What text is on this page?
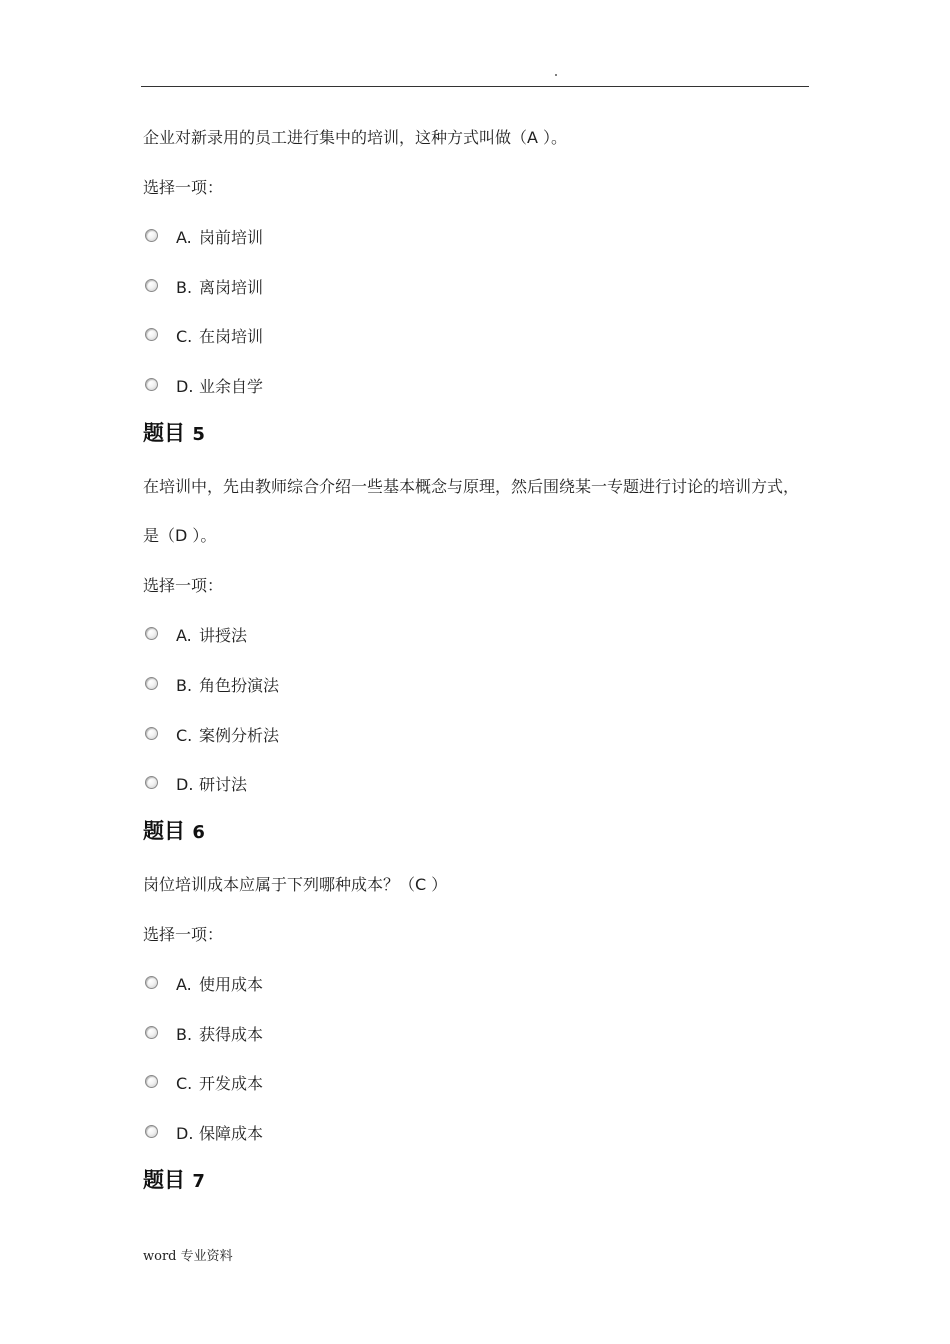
企业对新录用的员工进行集中的培训，这种方式叫做（A ）。
选择一项：
A. 岗前培训
B. 离岗培训
C. 在岗培训
D. 业余自学
题目 5
在培训中，先由教师综合介绍一些基本概念与原理，然后围绕某一专题进行讨论的培训方式，
是（D ）。
选择一项：
A. 讲授法
B. 角色扮演法
C. 案例分析法
D. 研讨法
题目 6
岗位培训成本应属于下列哪种成本？（C ）
选择一项：
A. 使用成本
B. 获得成本
C. 开发成本
D. 保障成本
题目 7
word 专业资料
